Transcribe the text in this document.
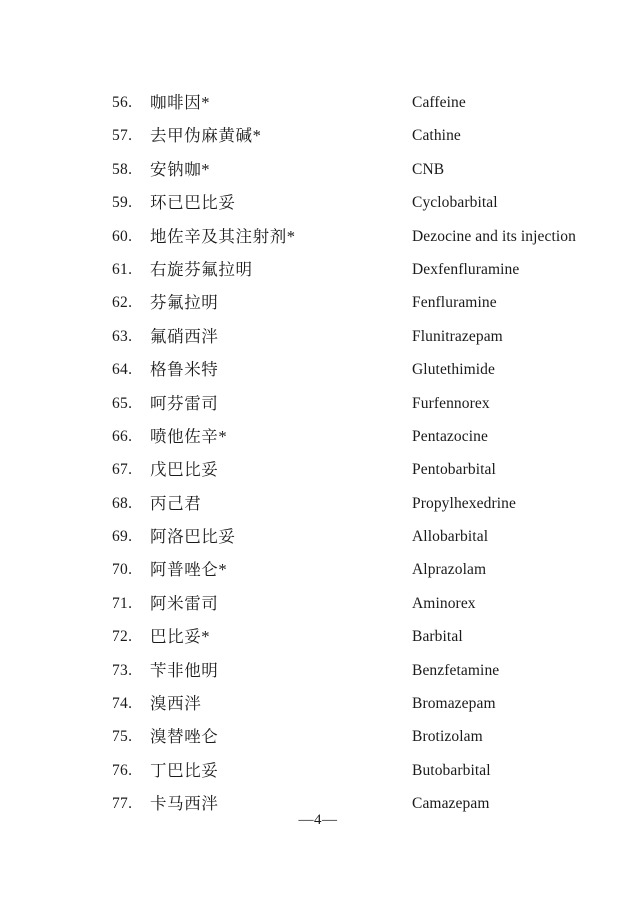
56.	咖啡因*	Caffeine
57.	去甲伪麻黄碱*	Cathine
58.	安钠咖*	CNB
59.	环已巴比妥	Cyclobarbital
60.	地佐辛及其注射剂*	Dezocine and its injection
61.	右旋芬氟拉明	Dexfenfluramine
62.	芬氟拉明	Fenfluramine
63.	氟硝西泮	Flunitrazepam
64.	格鲁米特	Glutethimide
65.	呵芬雷司	Furfennorex
66.	喷他佐辛*	Pentazocine
67.	戊巴比妥	Pentobarbital
68.	丙己君	Propylhexedrine
69.	阿洛巴比妥	Allobarbital
70.	阿普唑仑*	Alprazolam
71.	阿米雷司	Aminorex
72.	巴比妥*	Barbital
73.	苄非他明	Benzfetamine
74.	溴西泮	Bromazepam
75.	溴替唑仑	Brotizolam
76.	丁巴比妥	Butobarbital
77.	卡马西泮	Camazepam
—4—
